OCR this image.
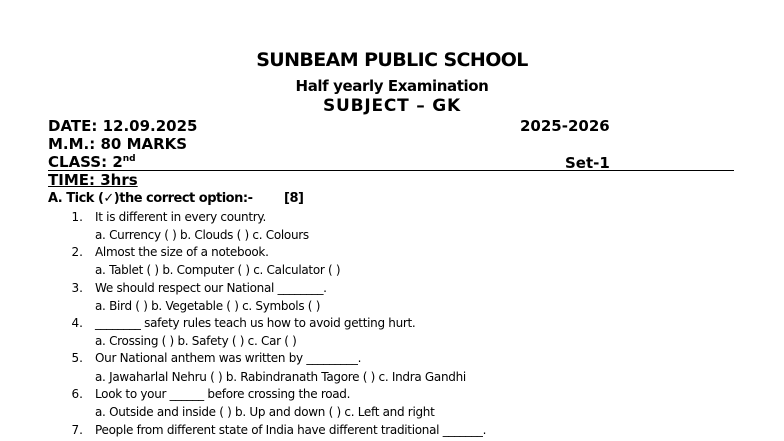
SUNBEAM PUBLIC SCHOOL
Half yearly Examination
SUBJECT – GK
DATE: 12.09.2025	2025-2026
M.M.: 80 MARKS
CLASS: 2nd	Set-1
TIME: 3hrs
A. Tick (✓)the correct option:- [8]
1. It is different in every country.
a. Currency ( ) b. Clouds ( ) c. Colours
2. Almost the size of a notebook.
a. Tablet ( ) b. Computer ( ) c. Calculator ( )
3. We should respect our National ________.
a. Bird ( ) b. Vegetable ( ) c. Symbols ( )
4. ________ safety rules teach us how to avoid getting hurt.
a. Crossing ( ) b. Safety ( ) c. Car ( )
5. Our National anthem was written by _________.
a. Jawaharlal Nehru ( ) b. Rabindranath Tagore ( ) c. Indra Gandhi
6. Look to your ______ before crossing the road.
a. Outside and inside ( ) b. Up and down ( ) c. Left and right
7. People from different state of India have different traditional _______.
